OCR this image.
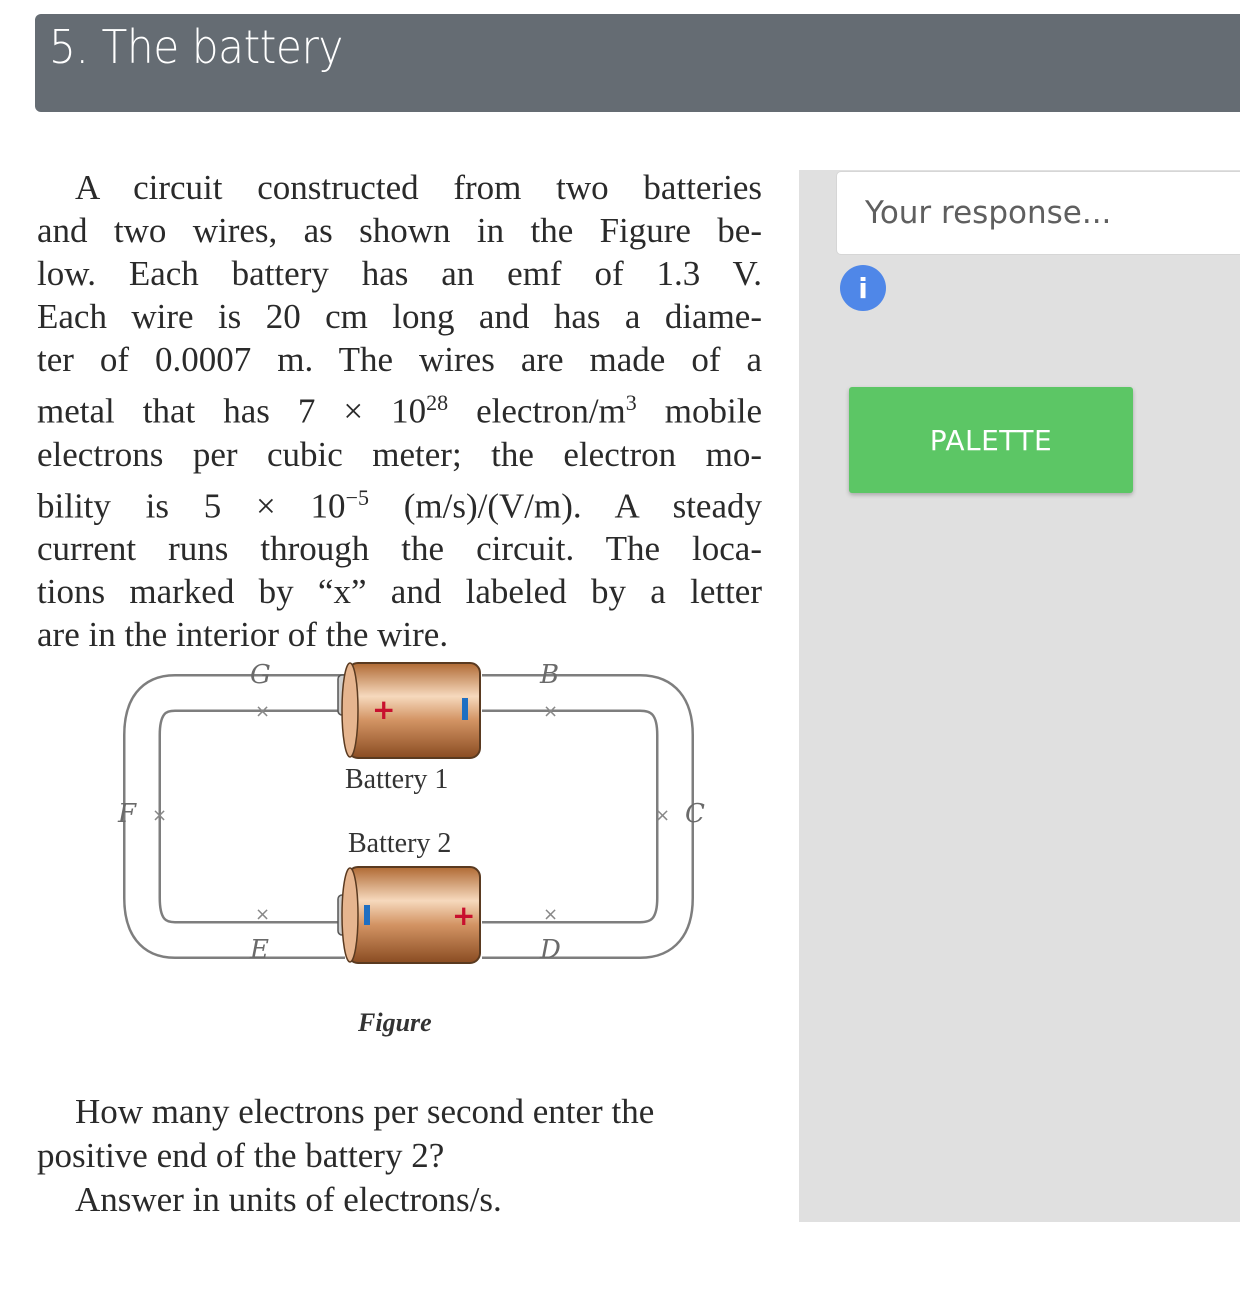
5. The battery
A circuit constructed from two batteries
and two wires, as shown in the Figure be-
low. Each battery has an emf of 1.3 V.
Each wire is 20 cm long and has a diame-
ter of 0.0007 m. The wires are made of a
metal that has $7 \times 10^{28}$ electron/$m^3$ mobile
electrons per cubic meter; the electron mo-
bility is $5 \times 10^{-5}$ (m/s)/(V/m). A steady
current runs through the circuit. The loca-
tions marked by “x” and labeled by a letter
are in the interior of the wire.
+
+
G	B
F	C
E	D
×	×
×	×
×	×
Battery 1
Battery 2
Figure
How many electrons per second enter the
positive end of the battery 2?
Answer in units of electrons/s.
Your response...
i
PALETTE
